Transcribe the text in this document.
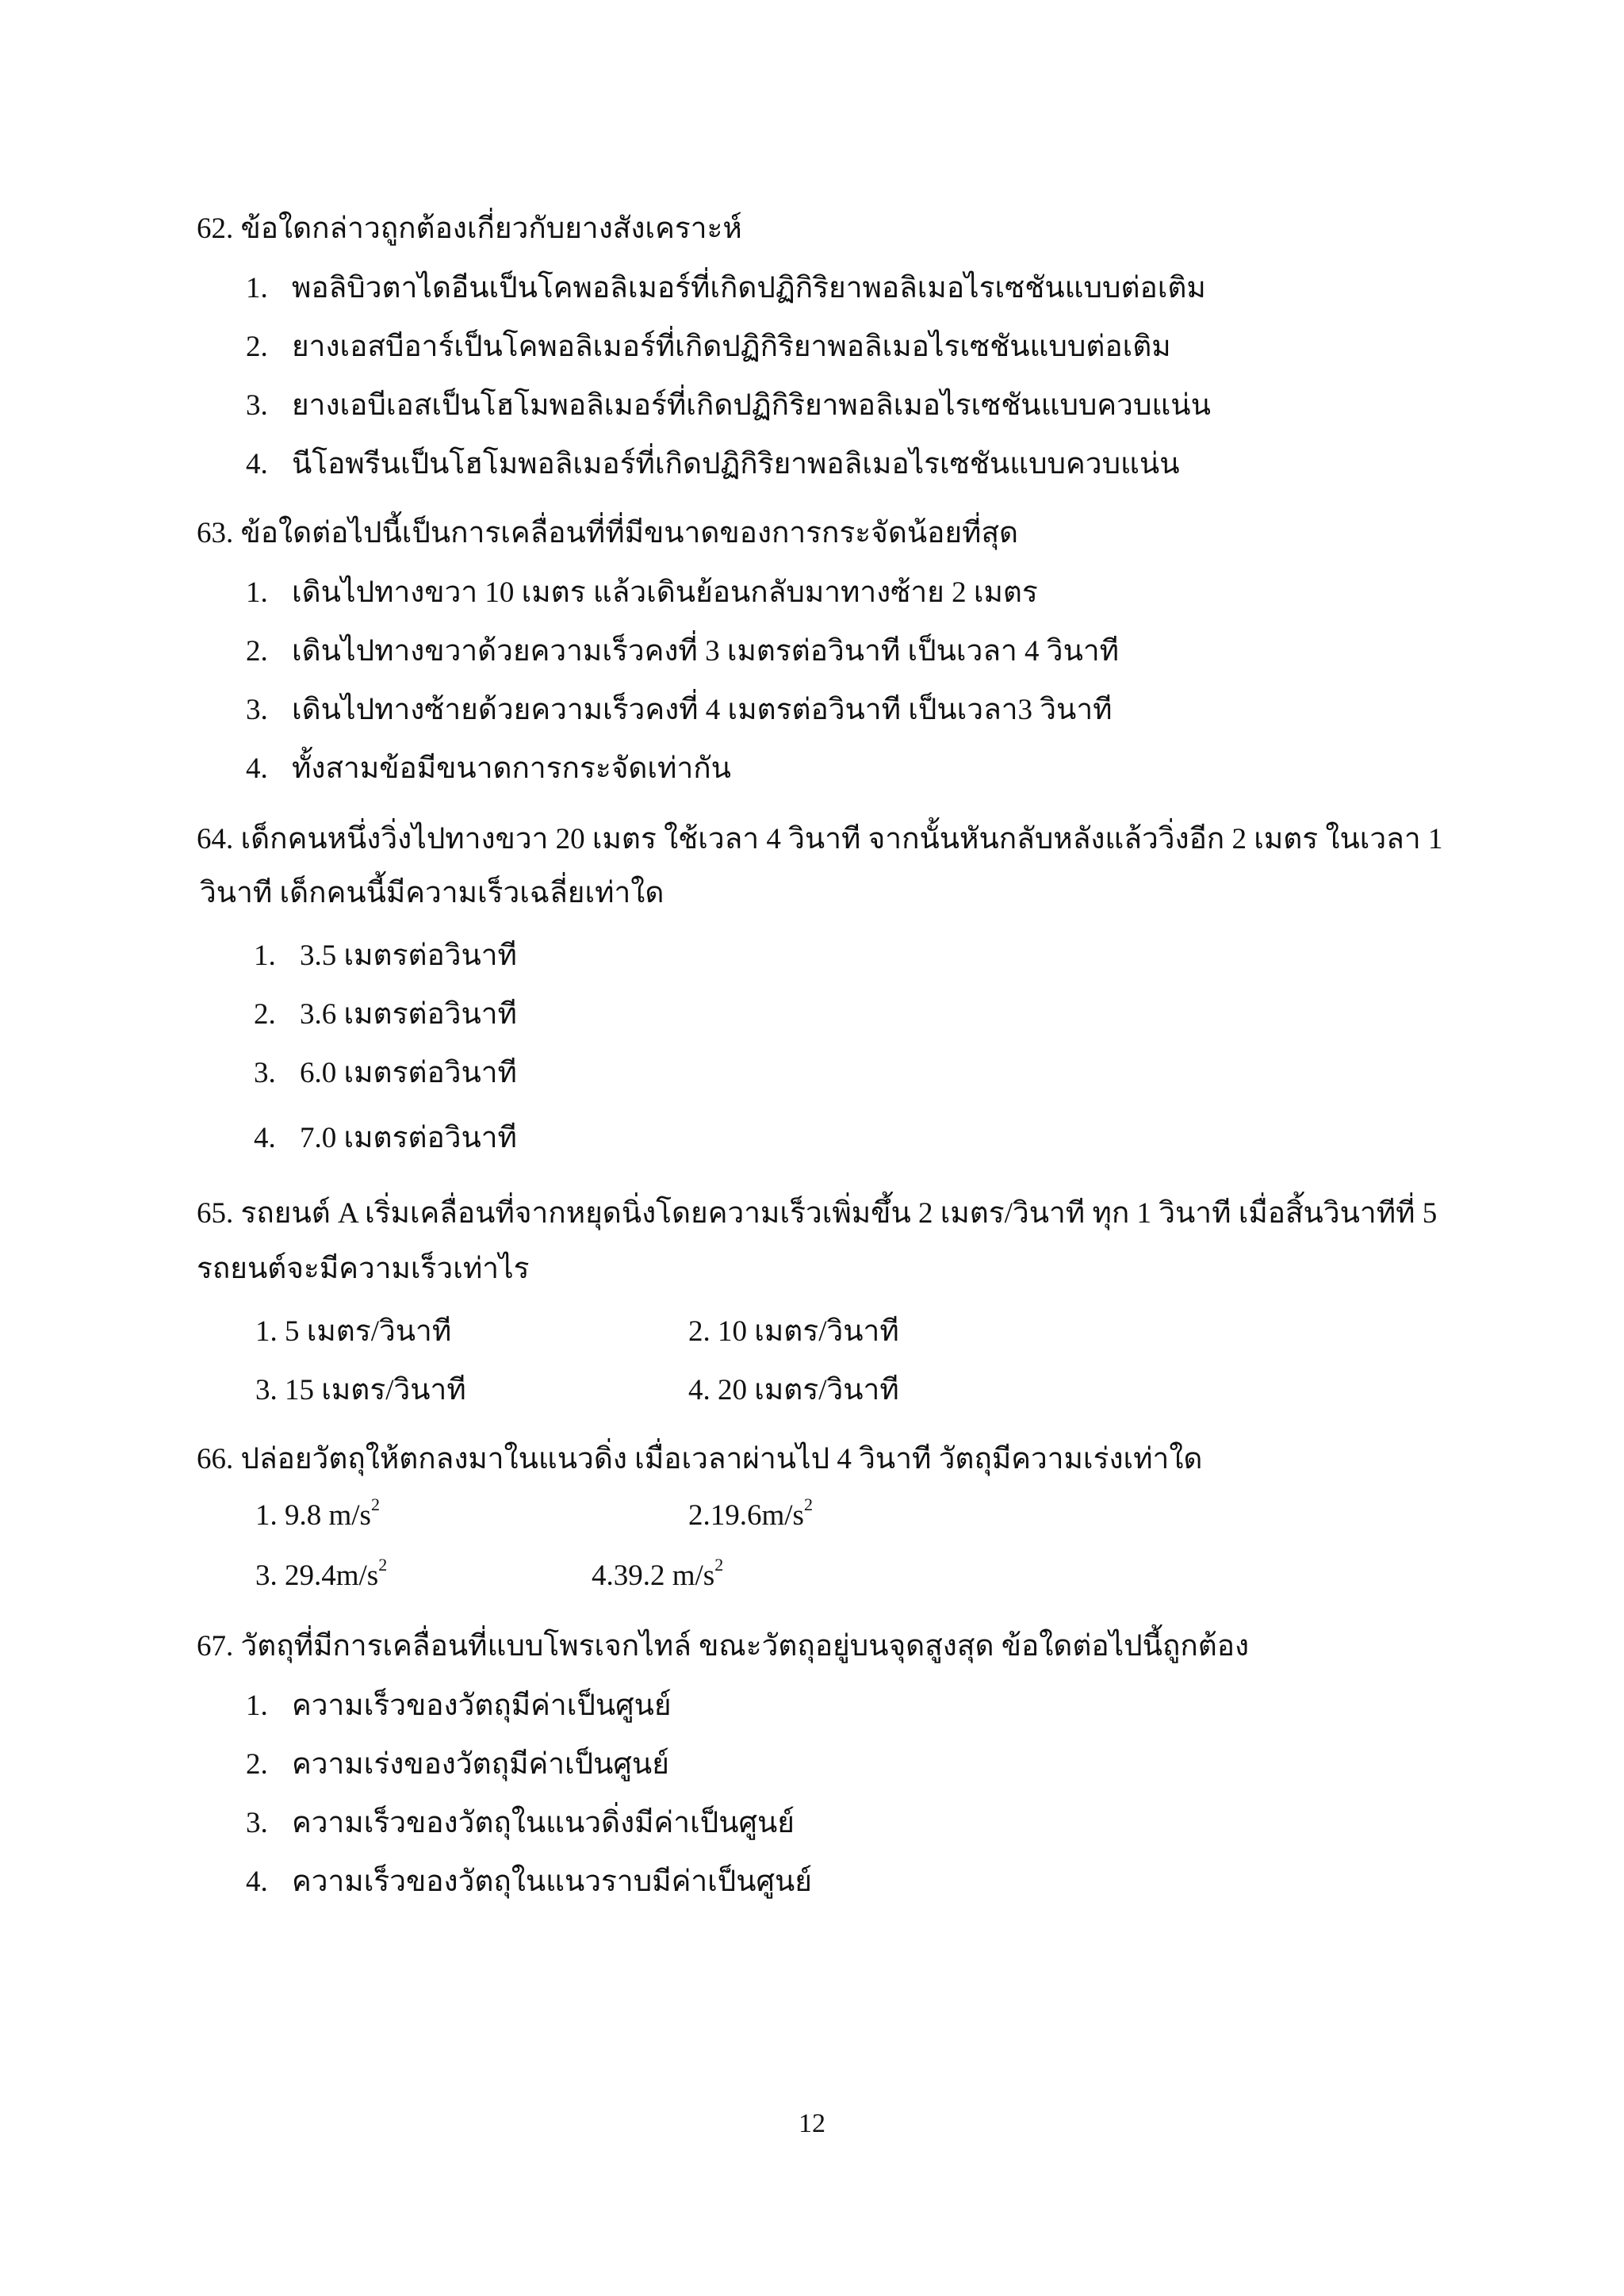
62. ข้อใดกล่าวถูกต้องเกี่ยวกับยางสังเคราะห์
1. พอลิบิวตาไดอีนเป็นโคพอลิเมอร์ที่เกิดปฏิกิริยาพอลิเมอไรเซชันแบบต่อเติม
2. ยางเอสบีอาร์เป็นโคพอลิเมอร์ที่เกิดปฏิกิริยาพอลิเมอไรเซชันแบบต่อเติม
3. ยางเอบีเอสเป็นโฮโมพอลิเมอร์ที่เกิดปฏิกิริยาพอลิเมอไรเซชันแบบควบแน่น
4. นีโอพรีนเป็นโฮโมพอลิเมอร์ที่เกิดปฏิกิริยาพอลิเมอไรเซชันแบบควบแน่น
63. ข้อใดต่อไปนี้เป็นการเคลื่อนที่ที่มีขนาดของการกระจัดน้อยที่สุด
1. เดินไปทางขวา 10 เมตร แล้วเดินย้อนกลับมาทางซ้าย 2 เมตร
2. เดินไปทางขวาด้วยความเร็วคงที่ 3 เมตรต่อวินาที เป็นเวลา 4 วินาที
3. เดินไปทางซ้ายด้วยความเร็วคงที่ 4 เมตรต่อวินาที เป็นเวลา3 วินาที
4. ทั้งสามข้อมีขนาดการกระจัดเท่ากัน
64. เด็กคนหนึ่งวิ่งไปทางขวา 20 เมตร ใช้เวลา 4 วินาที จากนั้นหันกลับหลังแล้ววิ่งอีก 2 เมตร ในเวลา 1
วินาที เด็กคนนี้มีความเร็วเฉลี่ยเท่าใด
1. 3.5 เมตรต่อวินาที
2. 3.6 เมตรต่อวินาที
3. 6.0 เมตรต่อวินาที
4. 7.0 เมตรต่อวินาที
65. รถยนต์ A เริ่มเคลื่อนที่จากหยุดนิ่งโดยความเร็วเพิ่มขึ้น 2 เมตร/วินาที ทุก 1 วินาที เมื่อสิ้นวินาทีที่ 5
รถยนต์จะมีความเร็วเท่าไร
1. 5 เมตร/วินาที	2. 10 เมตร/วินาที
3. 15 เมตร/วินาที	4. 20 เมตร/วินาที
66. ปล่อยวัตถุให้ตกลงมาในแนวดิ่ง เมื่อเวลาผ่านไป 4 วินาที วัตถุมีความเร่งเท่าใด
1. 9.8 $m/s^2$	$2.19.6m/s^2$
3. $29.4m/s^2$	4.39.2 $m/s^2$
67. วัตถุที่มีการเคลื่อนที่แบบโพรเจกไทล์ ขณะวัตถุอยู่บนจุดสูงสุด ข้อใดต่อไปนี้ถูกต้อง
1. ความเร็วของวัตถุมีค่าเป็นศูนย์
2. ความเร่งของวัตถุมีค่าเป็นศูนย์
3. ความเร็วของวัตถุในแนวดิ่งมีค่าเป็นศูนย์
4. ความเร็วของวัตถุในแนวราบมีค่าเป็นศูนย์
12
